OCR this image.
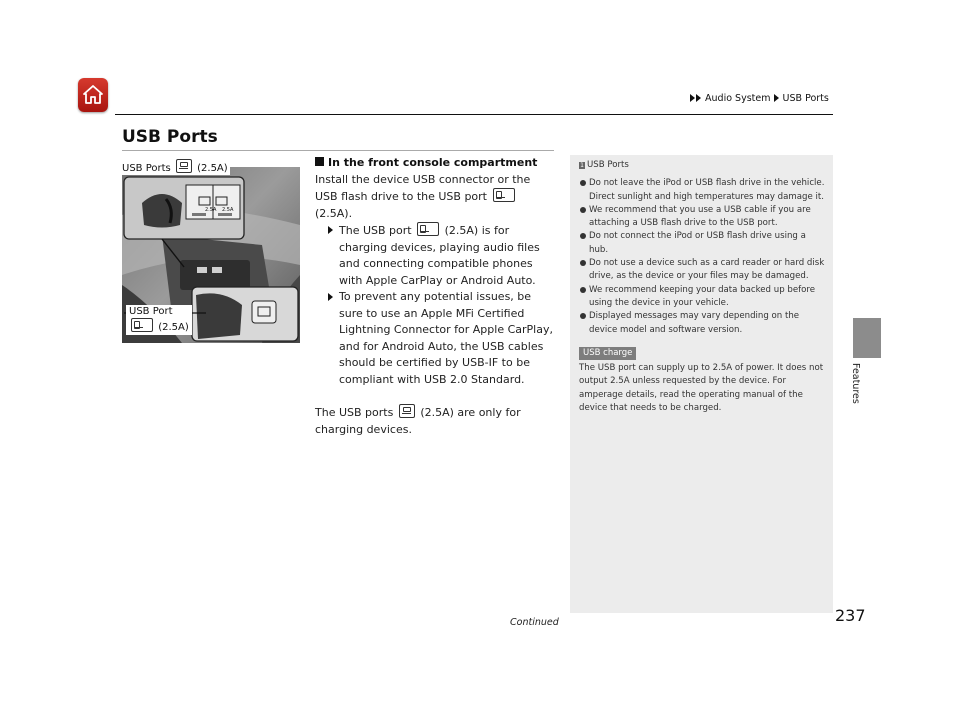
Audio System USB Ports
USB Ports
USB Ports	(2.5A)
2.5A 2.5A
USB Port
(2.5A)

In the front console compartment

Install the device USB connector or the USB flash drive to the USB port  (2.5A).

The USB port	(2.5A) is for charging devices, playing audio files and connecting compatible phones with Apple CarPlay or Android Auto.

To prevent any potential issues, be sure to use an Apple MFi Certified Lightning Connector for Apple CarPlay, and for Android Auto, the USB cables should be certified by USB-IF to be compliant with USB 2.0 Standard.

The USB ports (2.5A) are only for charging devices.

1 USB Ports

Do not leave the iPod or USB flash drive in the vehicle. Direct sunlight and high temperatures may damage it.

We recommend that you use a USB cable if you are attaching a USB flash drive to the USB port.

Do not connect the iPod or USB flash drive using a hub.

Do not use a device such as a card reader or hard disk drive, as the device or your files may be damaged.

We recommend keeping your data backed up before using the device in your vehicle.

Displayed messages may vary depending on the device model and software version.

USB charge

The USB port can supply up to 2.5A of power. It does not output 2.5A unless requested by the device. For amperage details, read the operating manual of the device that needs to be charged.

Features
Continued	237
